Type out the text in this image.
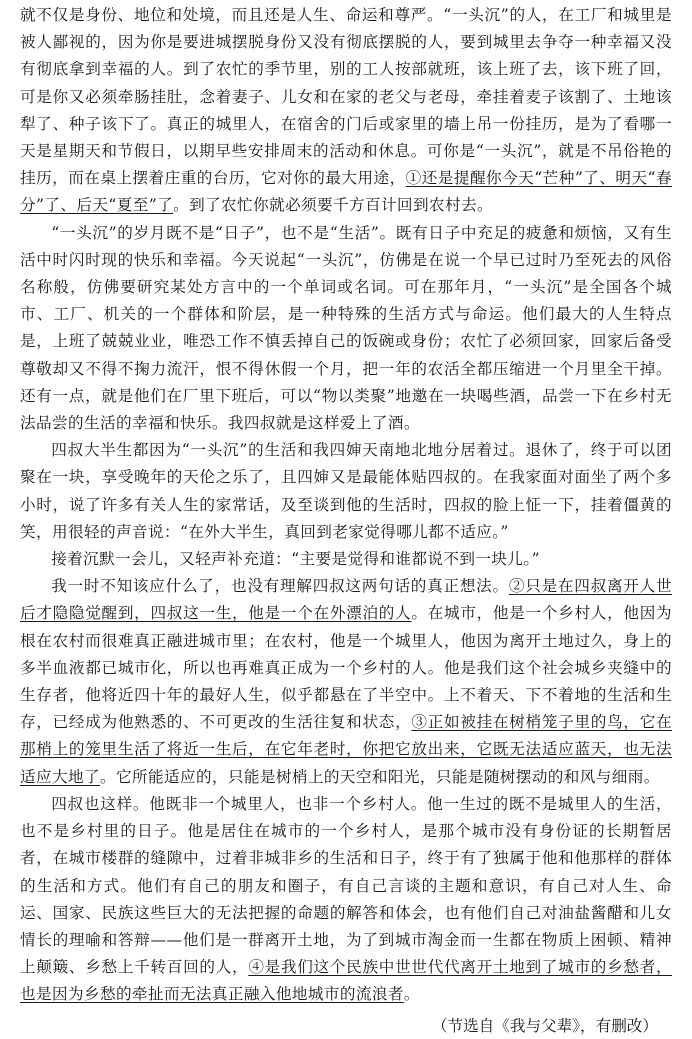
就不仅是身份、地位和处境，而且还是人生、命运和尊严。“一头沉”的人，在工厂和城里是被人鄙视的，因为你是要进城摆脱身份又没有彻底摆脱的人，要到城里去争夺一种幸福又没有彻底拿到幸福的人。到了农忙的季节里，别的工人按部就班，该上班了去，该下班了回，可是你又必须牵肠挂肚，念着妻子、儿女和在家的老父与老母，牵挂着麦子该割了、土地该犁了、种子该下了。真正的城里人，在宿舍的门后或家里的墙上吊一份挂历，是为了看哪一天是星期天和节假日，以期早些安排周末的活动和休息。可你是“一头沉”，就是不吊俗艳的挂历，而在桌上摆着庄重的台历，它对你的最大用途，①还是提醒你今天“芒种”了、明天“春分”了、后天“夏至”了。到了农忙你就必须要千方百计回到农村去。

“一头沉”的岁月既不是“日子”，也不是“生活”。既有日子中充足的疲惫和烦恼，又有生活中时闪时现的快乐和幸福。今天说起“一头沉”，仿佛是在说一个早已过时乃至死去的风俗名称般，仿佛要研究某处方言中的一个单词或名词。可在那年月，“一头沉”是全国各个城市、工厂、机关的一个群体和阶层，是一种特殊的生活方式与命运。他们最大的人生特点是，上班了兢兢业业，唯恐工作不慎丢掉自己的饭碗或身份；农忙了必须回家，回家后备受尊敬却又不得不掬力流汗，恨不得休假一个月，把一年的农活全都压缩进一个月里全干掉。还有一点，就是他们在厂里下班后，可以“物以类聚”地邀在一块喝些酒，品尝一下在乡村无法品尝的生活的幸福和快乐。我四叔就是这样爱上了酒。

四叔大半生都因为“一头沉”的生活和我四婶天南地北地分居着过。退休了，终于可以团聚在一块，享受晚年的天伦之乐了，且四婶又是最能体贴四叔的。在我家面对面坐了两个多小时，说了许多有关人生的家常话，及至谈到他的生活时，四叔的脸上怔一下，挂着僵黄的笑，用很轻的声音说：“在外大半生，真回到老家觉得哪儿都不适应。”

接着沉默一会儿，又轻声补充道：“主要是觉得和谁都说不到一块儿。”

我一时不知该应什么了，也没有理解四叔这两句话的真正想法。②只是在四叔离开人世后才隐隐觉醒到，四叔这一生，他是一个在外漂泊的人。在城市，他是一个乡村人，他因为根在农村而很难真正融进城市里；在农村，他是一个城里人，他因为离开土地过久，身上的多半血液都已城市化，所以也再难真正成为一个乡村的人。他是我们这个社会城乡夹缝中的生存者，他将近四十年的最好人生，似乎都悬在了半空中。上不着天、下不着地的生活和生存，已经成为他熟悉的、不可更改的生活往复和状态，③正如被挂在树梢笼子里的鸟，它在那梢上的笼里生活了将近一生后，在它年老时，你把它放出来，它既无法适应蓝天，也无法适应大地了。它所能适应的，只能是树梢上的天空和阳光，只能是随树摆动的和风与细雨。

四叔也这样。他既非一个城里人，也非一个乡村人。他一生过的既不是城里人的生活，也不是乡村里的日子。他是居住在城市的一个乡村人，是那个城市没有身份证的长期暂居者，在城市楼群的缝隙中，过着非城非乡的生活和日子，终于有了独属于他和他那样的群体的生活和方式。他们有自己的朋友和圈子，有自己言谈的主题和意识，有自己对人生、命运、国家、民族这些巨大的无法把握的命题的解答和体会，也有他们自己对油盐酱醋和儿女情长的理喻和答辩——他们是一群离开土地，为了到城市淘金而一生都在物质上困顿、精神上颠簸、乡愁上千转百回的人，④是我们这个民族中世世代代离开土地到了城市的乡愁者，也是因为乡愁的牵扯而无法真正融入他地城市的流浪者。

（节选自《我与父辈》，有删改）
